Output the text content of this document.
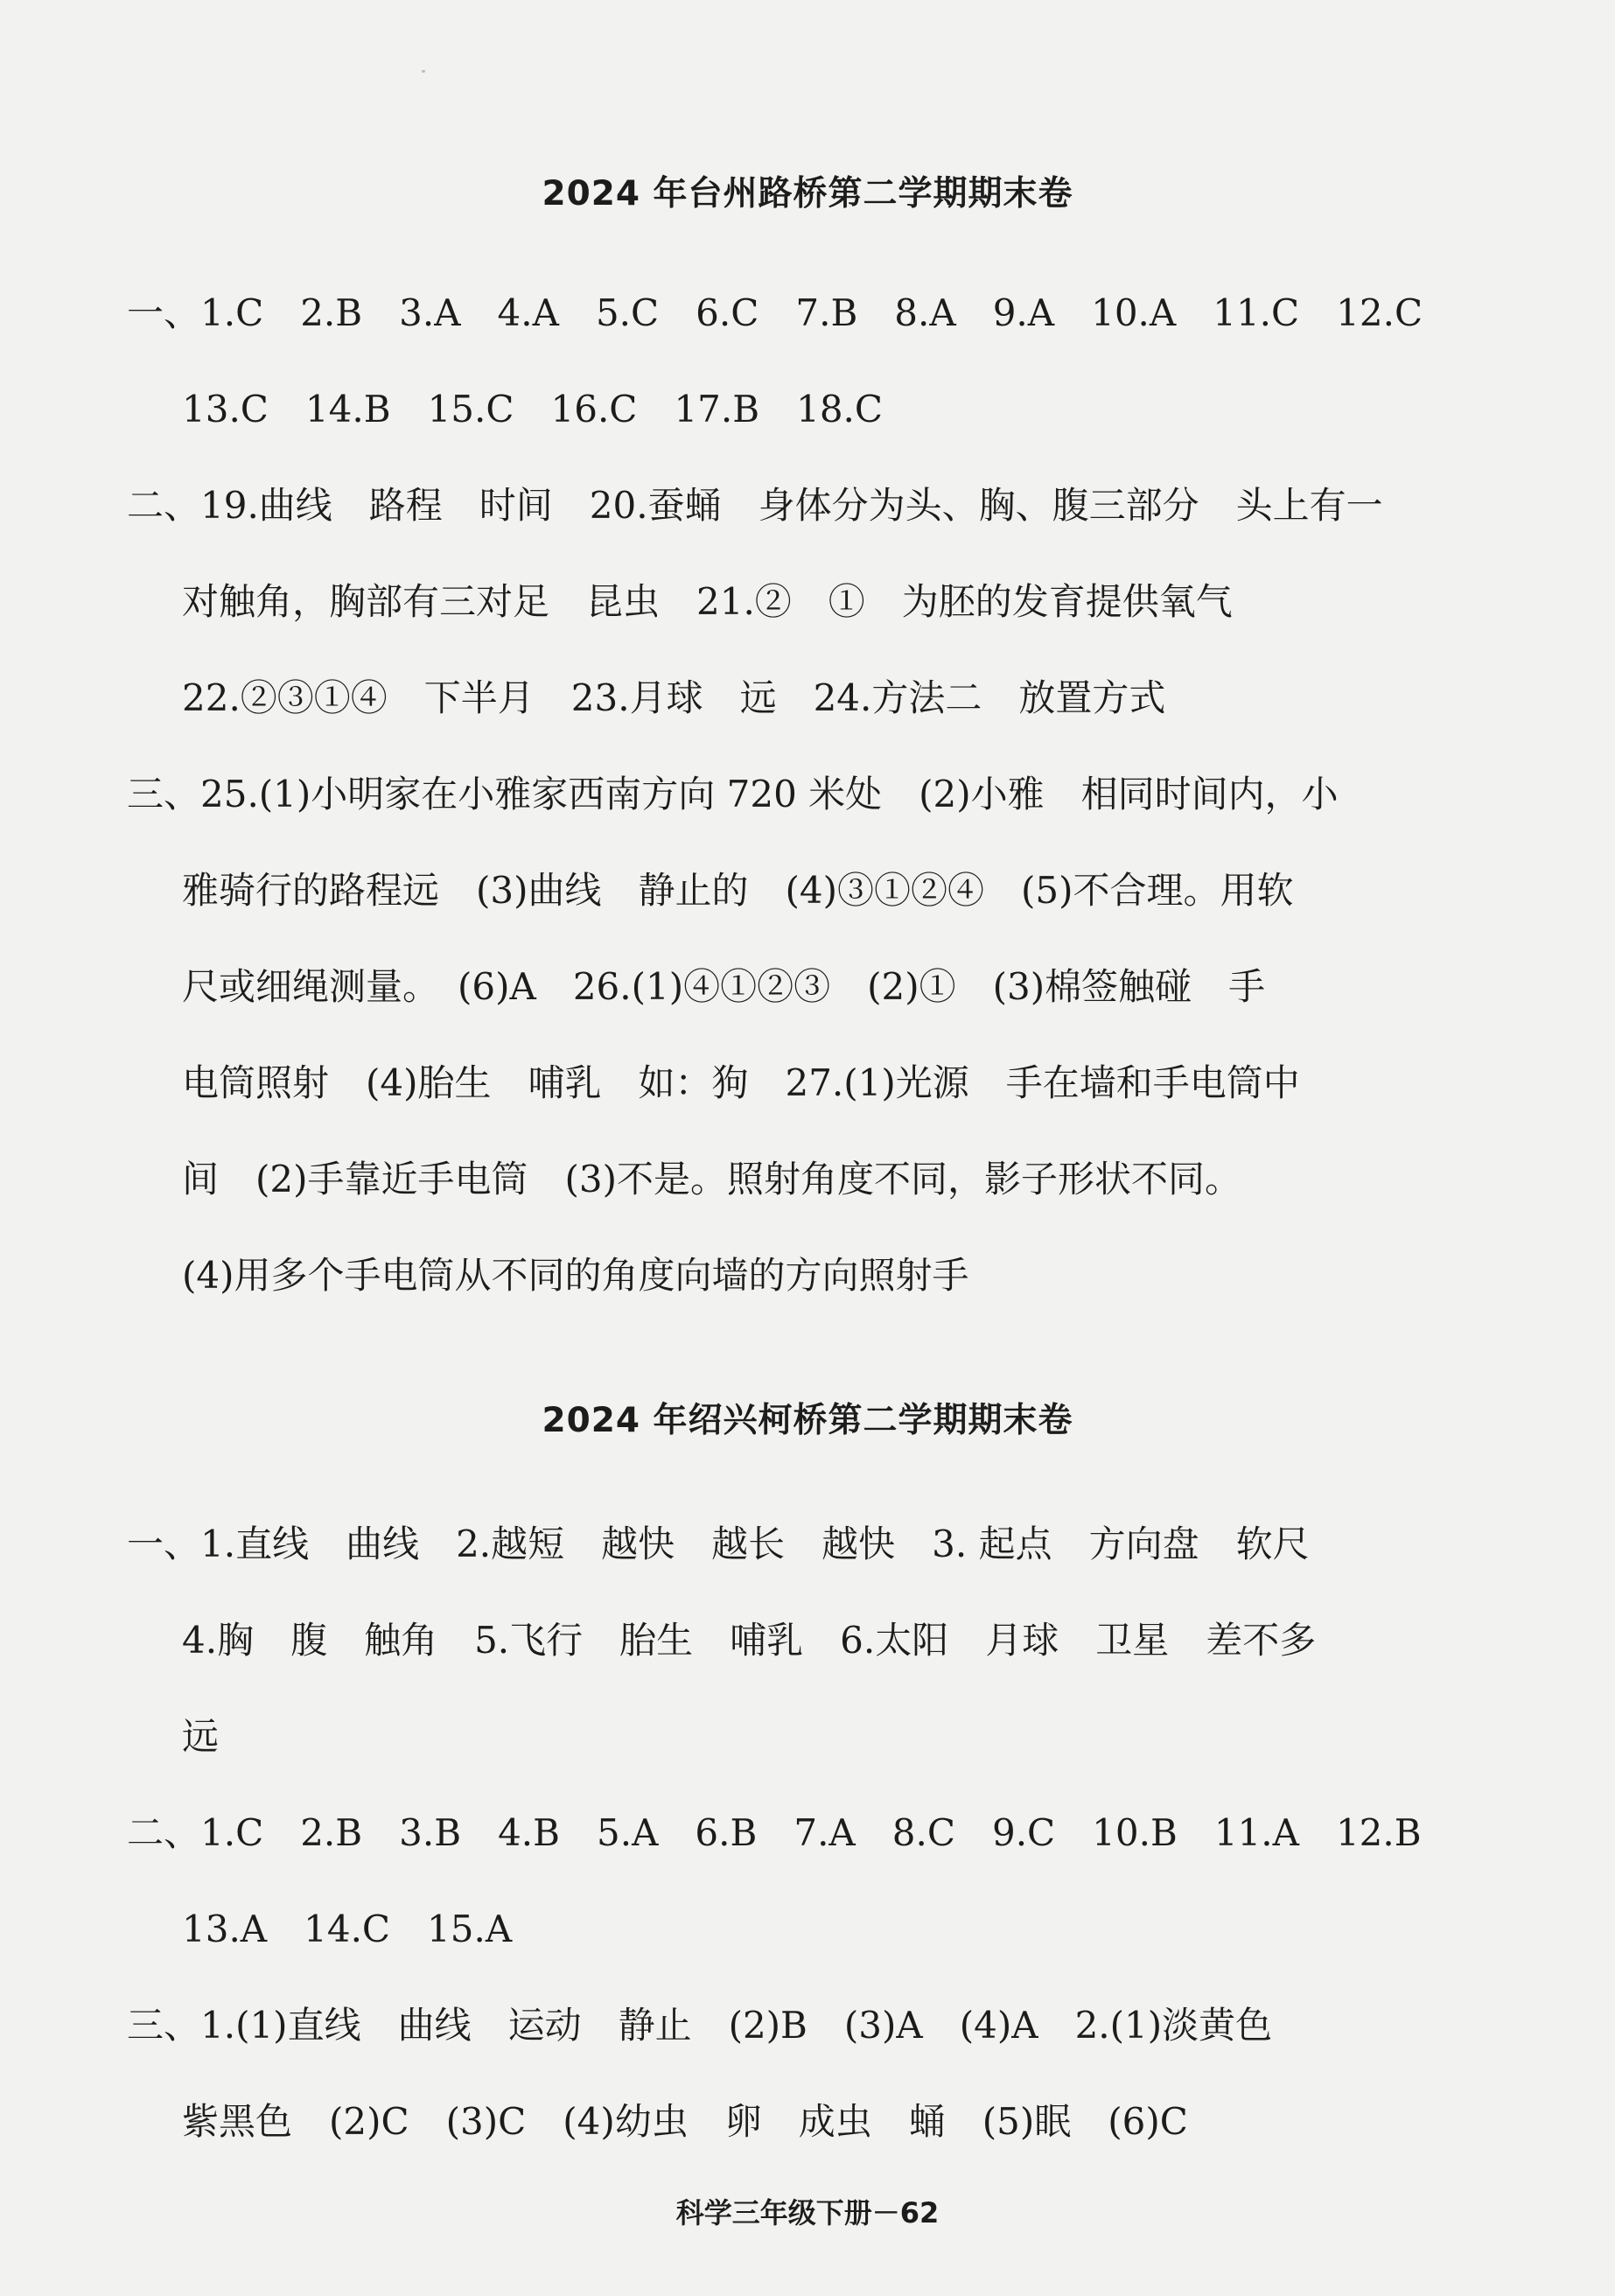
2024 年台州路桥第二学期期末卷
一、1.C　2.B　3.A　4.A　5.C　6.C　7.B　8.A　9.A　10.A　11.C　12.C
13.C　14.B　15.C　16.C　17.B　18.C
二、19.曲线　路程　时间　20.蚕蛹　身体分为头、胸、腹三部分　头上有一
对触角，胸部有三对足　昆虫　21.②　①　为胚的发育提供氧气
22.②③①④　下半月　23.月球　远　24.方法二　放置方式
三、25.(1)小明家在小雅家西南方向 720 米处　(2)小雅　相同时间内，小
雅骑行的路程远　(3)曲线　静止的　(4)③①②④　(5)不合理。用软
尺或细绳测量。　(6)A　26.(1)④①②③　(2)①　(3)棉签触碰　手
电筒照射　(4)胎生　哺乳　如：狗　27.(1)光源　手在墙和手电筒中
间　(2)手靠近手电筒　(3)不是。照射角度不同，影子形状不同。
(4)用多个手电筒从不同的角度向墙的方向照射手
2024 年绍兴柯桥第二学期期末卷
一、1.直线　曲线　2.越短　越快　越长　越快　3. 起点　方向盘　软尺
4.胸　腹　触角　5.飞行　胎生　哺乳　6.太阳　月球　卫星　差不多
远
二、1.C　2.B　3.B　4.B　5.A　6.B　7.A　8.C　9.C　10.B　11.A　12.B
13.A　14.C　15.A
三、1.(1)直线　曲线　运动　静止　(2)B　(3)A　(4)A　2.(1)淡黄色
紫黑色　(2)C　(3)C　(4)幼虫　卵　成虫　蛹　(5)眠　(6)C
科学三年级下册－62
